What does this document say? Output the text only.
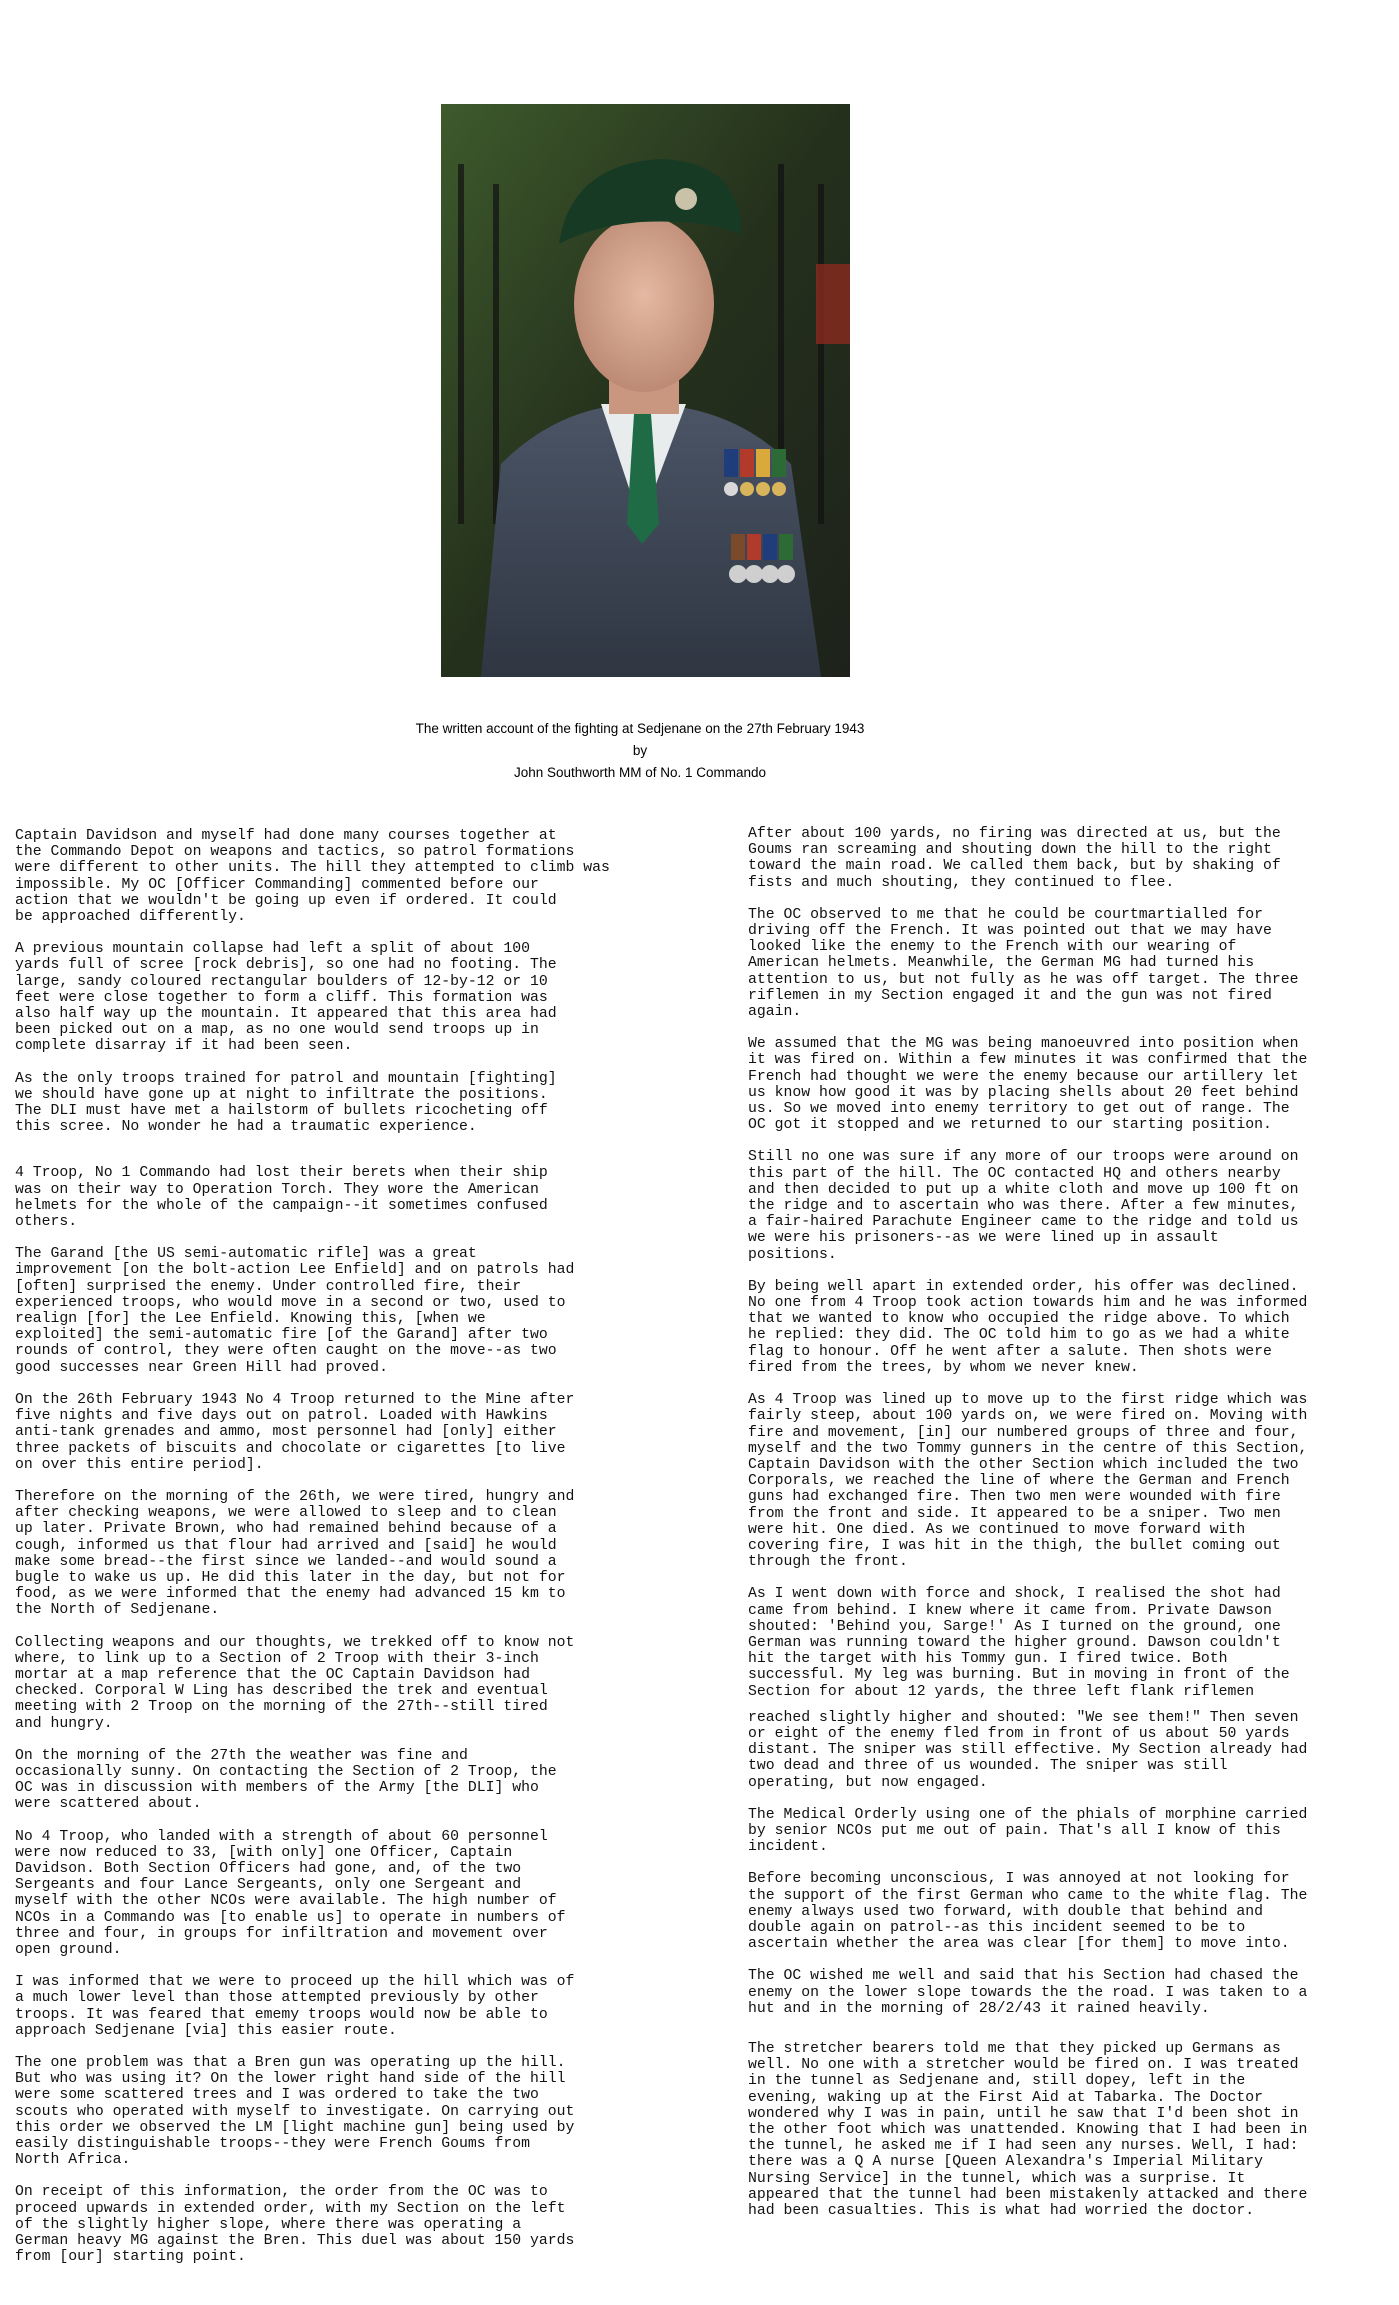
The written account of the fighting at Sedjenane on the 27th February 1943
by
John Southworth MM of No. 1 Commando

Captain Davidson and myself had done many courses together at
the Commando Depot on weapons and tactics, so patrol formations
were different to other units. The hill they attempted to climb was
impossible. My OC [Officer Commanding] commented before our
action that we wouldn't be going up even if ordered. It could
be approached differently.

A previous mountain collapse had left a split of about 100
yards full of scree [rock debris], so one had no footing. The
large, sandy coloured rectangular boulders of 12-by-12 or 10
feet were close together to form a cliff. This formation was
also half way up the mountain. It appeared that this area had
been picked out on a map, as no one would send troops up in
complete disarray if it had been seen.

As the only troops trained for patrol and mountain [fighting]
we should have gone up at night to infiltrate the positions.
The DLI must have met a hailstorm of bullets ricocheting off
this scree. No wonder he had a traumatic experience.

4 Troop, No 1 Commando had lost their berets when their ship
was on their way to Operation Torch. They wore the American
helmets for the whole of the campaign--it sometimes confused
others.

The Garand [the US semi-automatic rifle] was a great
improvement [on the bolt-action Lee Enfield] and on patrols had
[often] surprised the enemy. Under controlled fire, their
experienced troops, who would move in a second or two, used to
realign [for] the Lee Enfield. Knowing this, [when we
exploited] the semi-automatic fire [of the Garand] after two
rounds of control, they were often caught on the move--as two
good successes near Green Hill had proved.

On the 26th February 1943 No 4 Troop returned to the Mine after
five nights and five days out on patrol. Loaded with Hawkins
anti-tank grenades and ammo, most personnel had [only] either
three packets of biscuits and chocolate or cigarettes [to live
on over this entire period].

Therefore on the morning of the 26th, we were tired, hungry and
after checking weapons, we were allowed to sleep and to clean
up later. Private Brown, who had remained behind because of a
cough, informed us that flour had arrived and [said] he would
make some bread--the first since we landed--and would sound a
bugle to wake us up. He did this later in the day, but not for
food, as we were informed that the enemy had advanced 15 km to
the North of Sedjenane.

Collecting weapons and our thoughts, we trekked off to know not
where, to link up to a Section of 2 Troop with their 3-inch
mortar at a map reference that the OC Captain Davidson had
checked. Corporal W Ling has described the trek and eventual
meeting with 2 Troop on the morning of the 27th--still tired
and hungry.

On the morning of the 27th the weather was fine and
occasionally sunny. On contacting the Section of 2 Troop, the
OC was in discussion with members of the Army [the DLI] who
were scattered about.

No 4 Troop, who landed with a strength of about 60 personnel
were now reduced to 33, [with only] one Officer, Captain
Davidson. Both Section Officers had gone, and, of the two
Sergeants and four Lance Sergeants, only one Sergeant and
myself with the other NCOs were available. The high number of
NCOs in a Commando was [to enable us] to operate in numbers of
three and four, in groups for infiltration and movement over
open ground.

I was informed that we were to proceed up the hill which was of
a much lower level than those attempted previously by other
troops. It was feared that ememy troops would now be able to
approach Sedjenane [via] this easier route.

The one problem was that a Bren gun was operating up the hill.
But who was using it? On the lower right hand side of the hill
were some scattered trees and I was ordered to take the two
scouts who operated with myself to investigate. On carrying out
this order we observed the LM [light machine gun] being used by
easily distinguishable troops--they were French Goums from
North Africa.

On receipt of this information, the order from the OC was to
proceed upwards in extended order, with my Section on the left
of the slightly higher slope, where there was operating a
German heavy MG against the Bren. This duel was about 150 yards
from [our] starting point.

After about 100 yards, no firing was directed at us, but the
Goums ran screaming and shouting down the hill to the right
toward the main road. We called them back, but by shaking of
fists and much shouting, they continued to flee.

The OC observed to me that he could be courtmartialled for
driving off the French. It was pointed out that we may have
looked like the enemy to the French with our wearing of
American helmets. Meanwhile, the German MG had turned his
attention to us, but not fully as he was off target. The three
riflemen in my Section engaged it and the gun was not fired
again.

We assumed that the MG was being manoeuvred into position when
it was fired on. Within a few minutes it was confirmed that the
French had thought we were the enemy because our artillery let
us know how good it was by placing shells about 20 feet behind
us. So we moved into enemy territory to get out of range. The
OC got it stopped and we returned to our starting position.

Still no one was sure if any more of our troops were around on
this part of the hill. The OC contacted HQ and others nearby
and then decided to put up a white cloth and move up 100 ft on
the ridge and to ascertain who was there. After a few minutes,
a fair-haired Parachute Engineer came to the ridge and told us
we were his prisoners--as we were lined up in assault
positions.

By being well apart in extended order, his offer was declined.
No one from 4 Troop took action towards him and he was informed
that we wanted to know who occupied the ridge above. To which
he replied: they did. The OC told him to go as we had a white
flag to honour. Off he went after a salute. Then shots were
fired from the trees, by whom we never knew.

As 4 Troop was lined up to move up to the first ridge which was
fairly steep, about 100 yards on, we were fired on. Moving with
fire and movement, [in] our numbered groups of three and four,
myself and the two Tommy gunners in the centre of this Section,
Captain Davidson with the other Section which included the two
Corporals, we reached the line of where the German and French
guns had exchanged fire. Then two men were wounded with fire
from the front and side. It appeared to be a sniper. Two men
were hit. One died. As we continued to move forward with
covering fire, I was hit in the thigh, the bullet coming out
through the front.

As I went down with force and shock, I realised the shot had
came from behind. I knew where it came from. Private Dawson
shouted: 'Behind you, Sarge!' As I turned on the ground, one
German was running toward the higher ground. Dawson couldn't
hit the target with his Tommy gun. I fired twice. Both
successful. My leg was burning. But in moving in front of the
Section for about 12 yards, the three left flank riflemen

reached slightly higher and shouted: "We see them!" Then seven
or eight of the enemy fled from in front of us about 50 yards
distant. The sniper was still effective. My Section already had
two dead and three of us wounded. The sniper was still
operating, but now engaged.

The Medical Orderly using one of the phials of morphine carried
by senior NCOs put me out of pain. That's all I know of this
incident.

Before becoming unconscious, I was annoyed at not looking for
the support of the first German who came to the white flag. The
enemy always used two forward, with double that behind and
double again on patrol--as this incident seemed to be to
ascertain whether the area was clear [for them] to move into.

The OC wished me well and said that his Section had chased the
enemy on the lower slope towards the the road. I was taken to a
hut and in the morning of 28/2/43 it rained heavily.

The stretcher bearers told me that they picked up Germans as
well. No one with a stretcher would be fired on. I was treated
in the tunnel as Sedjenane and, still dopey, left in the
evening, waking up at the First Aid at Tabarka. The Doctor
wondered why I was in pain, until he saw that I'd been shot in
the other foot which was unattended. Knowing that I had been in
the tunnel, he asked me if I had seen any nurses. Well, I had:
there was a Q A nurse [Queen Alexandra's Imperial Military
Nursing Service] in the tunnel, which was a surprise. It
appeared that the tunnel had been mistakenly attacked and there
had been casualties. This is what had worried the doctor.
